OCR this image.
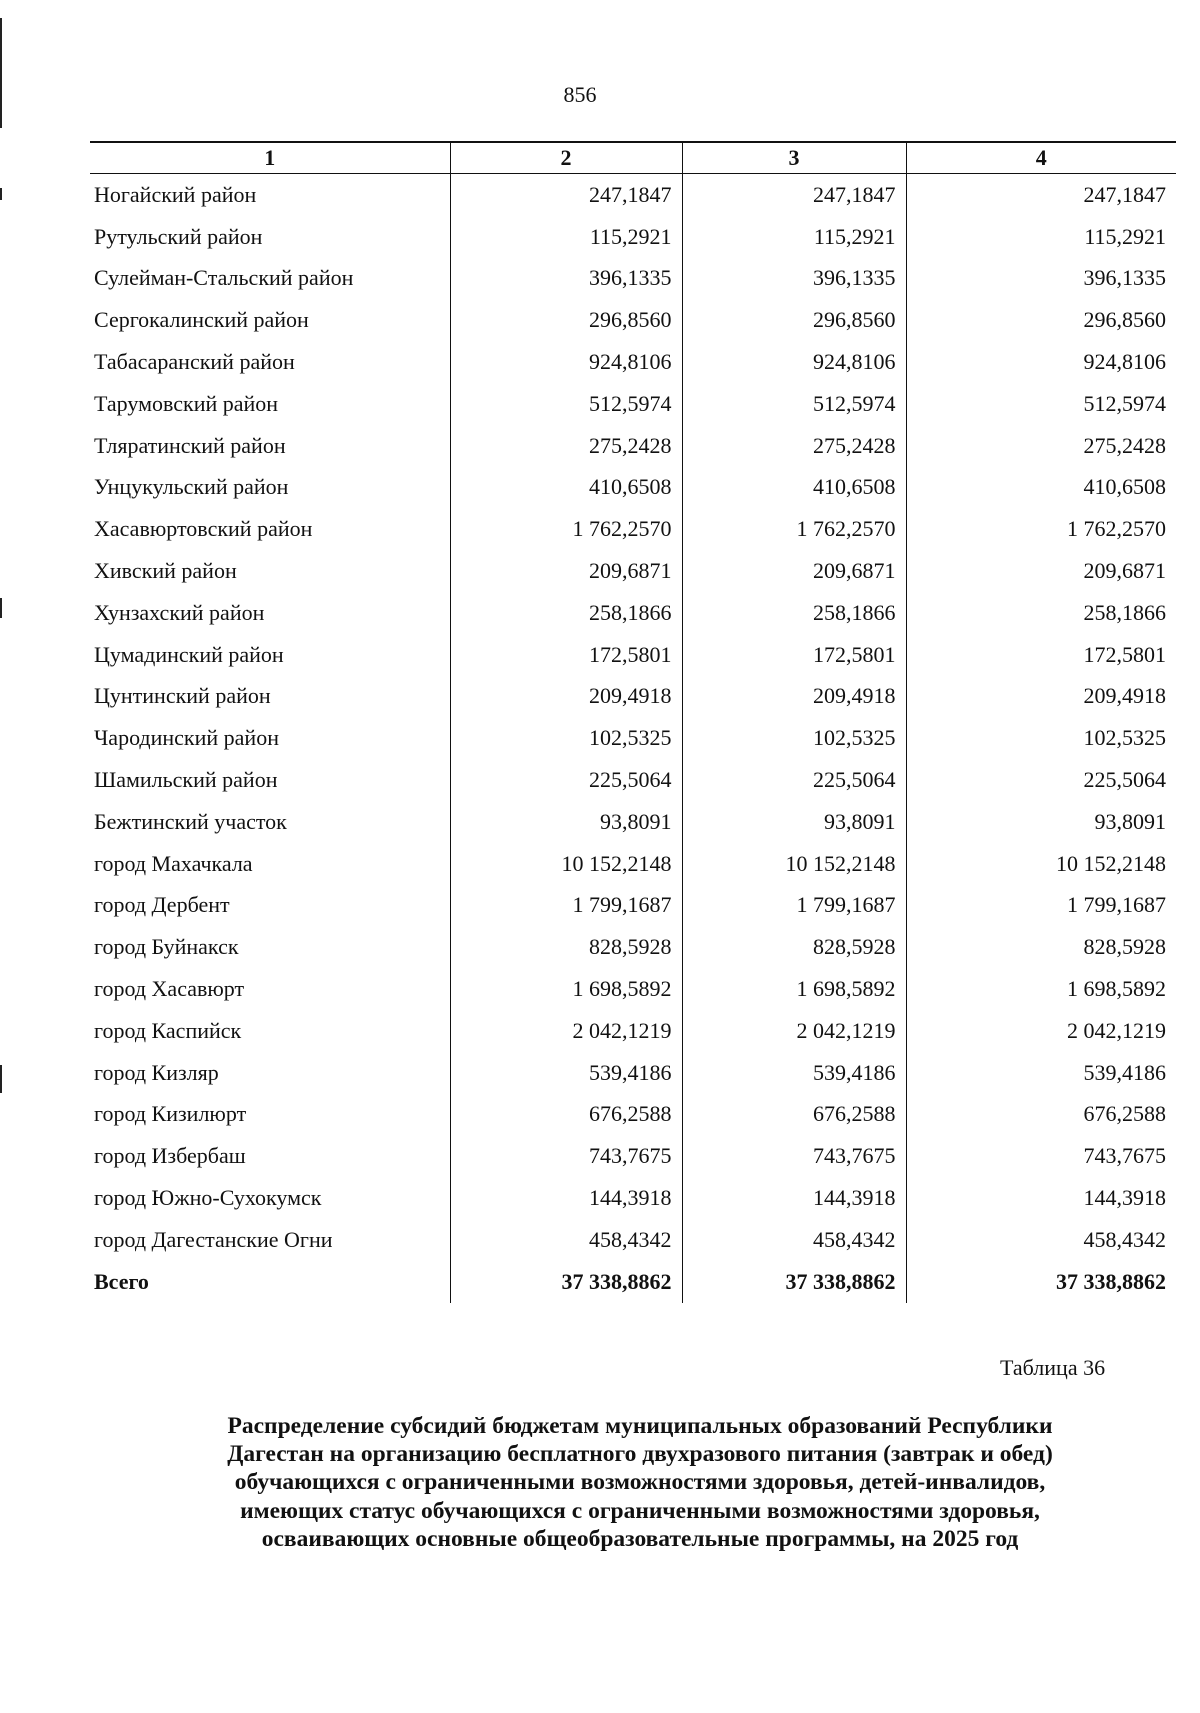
856
1	2	3	4
Ногайский район	247,1847	247,1847	247,1847
Рутульский район	115,2921	115,2921	115,2921
Сулейман-Стальский район	396,1335	396,1335	396,1335
Сергокалинский район	296,8560	296,8560	296,8560
Табасаранский район	924,8106	924,8106	924,8106
Тарумовский район	512,5974	512,5974	512,5974
Тляратинский район	275,2428	275,2428	275,2428
Унцукульский район	410,6508	410,6508	410,6508
Хасавюртовский район	1 762,2570	1 762,2570	1 762,2570
Хивский район	209,6871	209,6871	209,6871
Хунзахский район	258,1866	258,1866	258,1866
Цумадинский район	172,5801	172,5801	172,5801
Цунтинский район	209,4918	209,4918	209,4918
Чародинский район	102,5325	102,5325	102,5325
Шамильский район	225,5064	225,5064	225,5064
Бежтинский участок	93,8091	93,8091	93,8091
город Махачкала	10 152,2148	10 152,2148	10 152,2148
город Дербент	1 799,1687	1 799,1687	1 799,1687
город Буйнакск	828,5928	828,5928	828,5928
город Хасавюрт	1 698,5892	1 698,5892	1 698,5892
город Каспийск	2 042,1219	2 042,1219	2 042,1219
город Кизляр	539,4186	539,4186	539,4186
город Кизилюрт	676,2588	676,2588	676,2588
город Избербаш	743,7675	743,7675	743,7675
город Южно-Сухокумск	144,3918	144,3918	144,3918
город Дагестанские Огни	458,4342	458,4342	458,4342
Всего	37 338,8862	37 338,8862	37 338,8862
Таблица 36
Распределение субсидий бюджетам муниципальных образований Республики
Дагестан на организацию бесплатного двухразового питания (завтрак и обед)
обучающихся с ограниченными возможностями здоровья, детей-инвалидов,
имеющих статус обучающихся с ограниченными возможностями здоровья,
осваивающих основные общеобразовательные программы, на 2025 год
